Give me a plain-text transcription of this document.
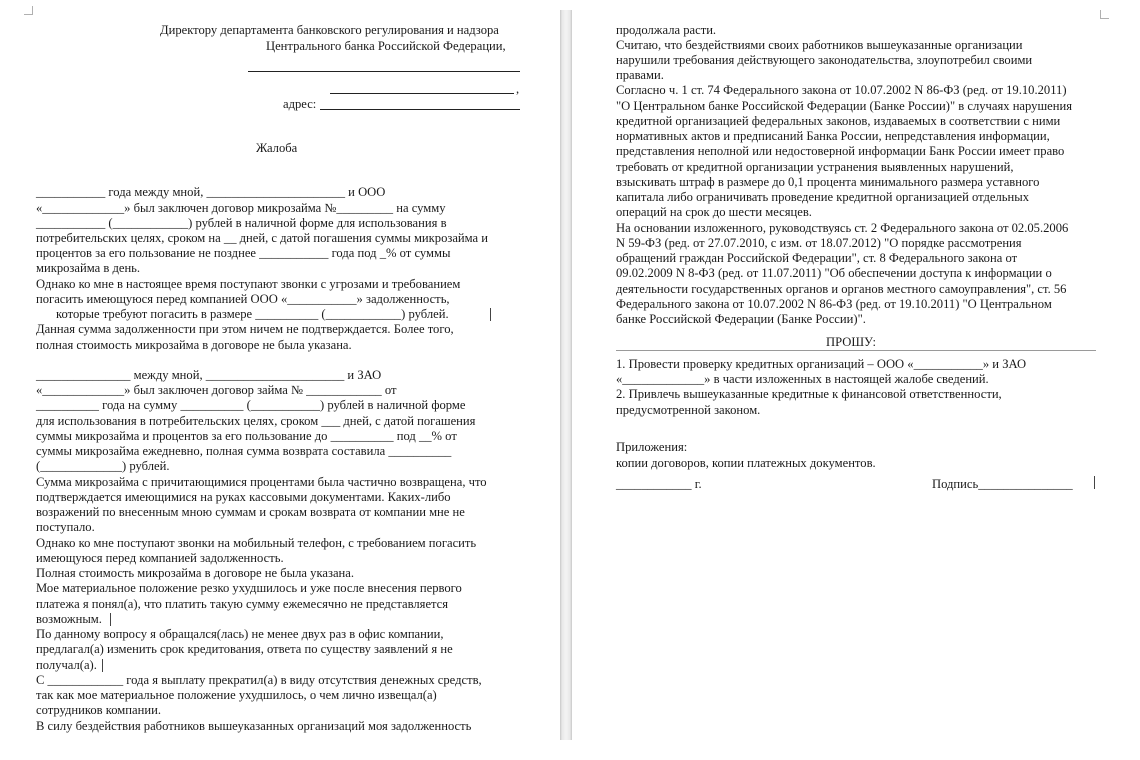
Директору департамента банковского регулирования и надзора
Центрального банка Российской Федерации,
,
адрес:
Жалоба
___________ года между мной, ______________________ и ООО
«_____________» был заключен договор микрозайма №_________ на сумму
___________ (____________) рублей в наличной форме для использования в
потребительских целях, сроком на __ дней, с датой погашения суммы микрозайма и
процентов за его пользование не позднее ___________ года под _% от суммы
микрозайма в день.
Однако ко мне в настоящее время поступают звонки с угрозами и требованием
погасить имеющуюся перед компанией ООО «___________» задолженность,
которые требуют погасить в размере __________ (____________) рублей.
Данная сумма задолженности при этом ничем не подтверждается. Более того,
полная стоимость микрозайма в договоре не была указана.
_______________ между мной, ______________________ и ЗАО
«_____________» был заключен договор займа № ____________ от
__________ года на сумму __________ (___________) рублей в наличной форме
для использования в потребительских целях, сроком ___ дней, с датой погашения
суммы микрозайма и процентов за его пользование до __________ под __% от
суммы микрозайма ежедневно, полная сумма возврата составила __________
(_____________) рублей.
Сумма микрозайма с причитающимися процентами была частично возвращена, что
подтверждается имеющимися на руках кассовыми документами. Каких-либо
возражений по внесенным мною суммам и срокам возврата от компании мне не
поступало.
Однако ко мне поступают звонки на мобильный телефон, с требованием погасить
имеющуюся перед компанией задолженность.
Полная стоимость микрозайма в договоре не была указана.
Мое материальное положение резко ухудшилось и уже после внесения первого
платежа я понял(а), что платить такую сумму ежемесячно не представляется
возможным.
По данному вопросу я обращался(лась) не менее двух раз в офис компании,
предлагал(а) изменить срок кредитования, ответа по существу заявлений я не
получал(а).
С ____________ года я выплату прекратил(а) в виду отсутствия денежных средств,
так как мое материальное положение ухудшилось, о чем лично извещал(а)
сотрудников компании.
В силу бездействия работников вышеуказанных организаций моя задолженность
продолжала расти.
Считаю, что бездействиями своих работников вышеуказанные организации
нарушили требования действующего законодательства, злоупотребил своими
правами.
Согласно ч. 1 ст. 74 Федерального закона от 10.07.2002 N 86-ФЗ (ред. от 19.10.2011)
"О Центральном банке Российской Федерации (Банке России)" в случаях нарушения
кредитной организацией федеральных законов, издаваемых в соответствии с ними
нормативных актов и предписаний Банка России, непредставления информации,
представления неполной или недостоверной информации Банк России имеет право
требовать от кредитной организации устранения выявленных нарушений,
взыскивать штраф в размере до 0,1 процента минимального размера уставного
капитала либо ограничивать проведение кредитной организацией отдельных
операций на срок до шести месяцев.
На основании изложенного, руководствуясь ст. 2 Федерального закона от 02.05.2006
N 59-ФЗ (ред. от 27.07.2010, с изм. от 18.07.2012) "О порядке рассмотрения
обращений граждан Российской Федерации", ст. 8 Федерального закона от
09.02.2009 N 8-ФЗ (ред. от 11.07.2011) "Об обеспечении доступа к информации о
деятельности государственных органов и органов местного самоуправления", ст. 56
Федерального закона от 10.07.2002 N 86-ФЗ (ред. от 19.10.2011) "О Центральном
банке Российской Федерации (Банке России)".
ПРОШУ:
1. Провести проверку кредитных организаций – ООО «___________» и ЗАО
«_____________» в части изложенных в настоящей жалобе сведений.
2. Привлечь вышеуказанные кредитные к финансовой ответственности,
предусмотренной законом.
Приложения:
копии договоров, копии платежных документов.
____________ г.	Подпись_______________
